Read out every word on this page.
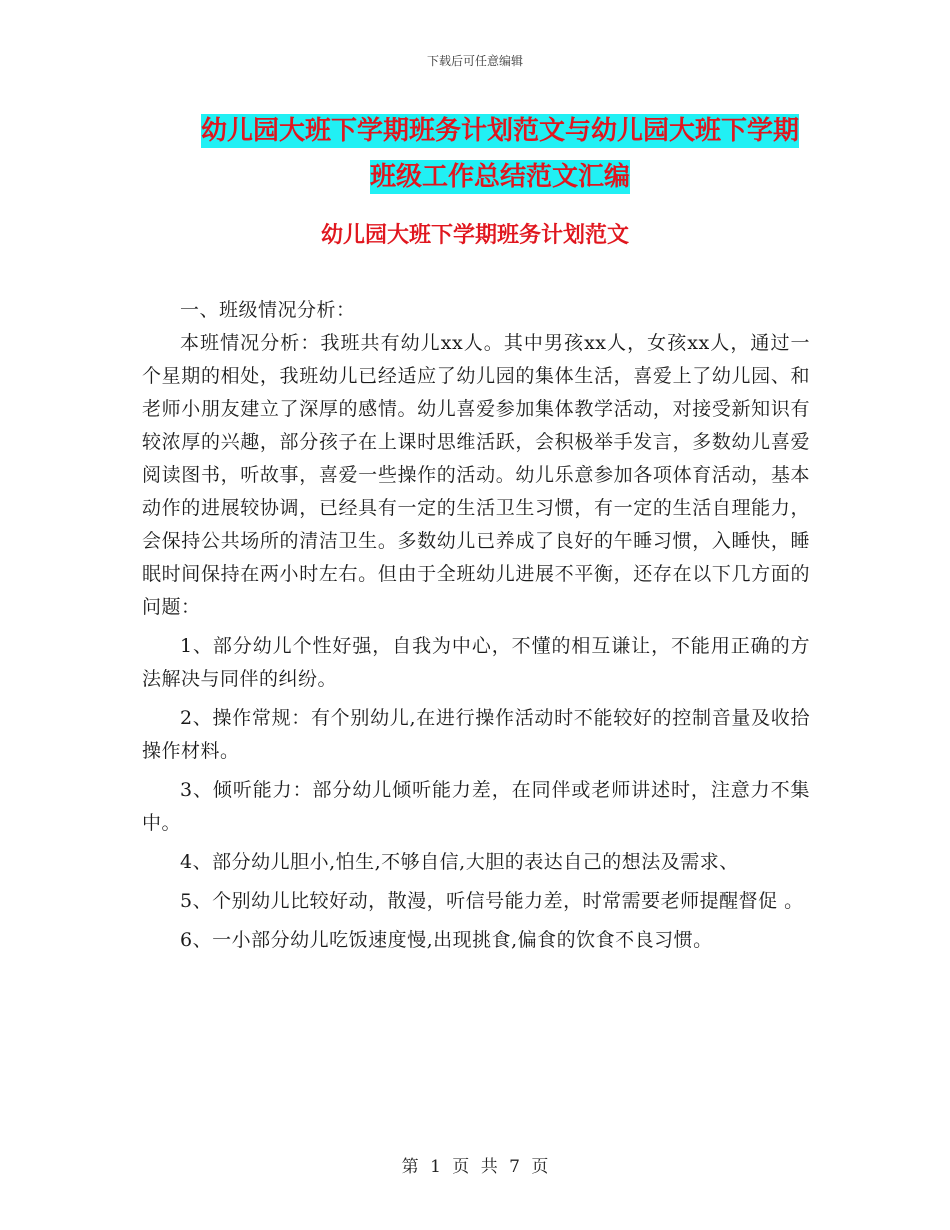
下载后可任意编辑
幼儿园大班下学期班务计划范文与幼儿园大班下学期
班级工作总结范文汇编
幼儿园大班下学期班务计划范文

一、班级情况分析：

本班情况分析：我班共有幼儿xx人。其中男孩xx人，女孩xx人，通过一个星期的相处，我班幼儿已经适应了幼儿园的集体生活，喜爱上了幼儿园、和老师小朋友建立了深厚的感情。幼儿喜爱参加集体教学活动，对接受新知识有较浓厚的兴趣，部分孩子在上课时思维活跃，会积极举手发言，多数幼儿喜爱阅读图书，听故事，喜爱一些操作的活动。幼儿乐意参加各项体育活动，基本动作的进展较协调，已经具有一定的生活卫生习惯，有一定的生活自理能力，会保持公共场所的清洁卫生。多数幼儿已养成了良好的午睡习惯，入睡快，睡眠时间保持在两小时左右。但由于全班幼儿进展不平衡，还存在以下几方面的问题：

1、部分幼儿个性好强，自我为中心，不懂的相互谦让，不能用正确的方法解决与同伴的纠纷。

2、操作常规：有个别幼儿,在进行操作活动时不能较好的控制音量及收拾操作材料。

3、倾听能力：部分幼儿倾听能力差，在同伴或老师讲述时，注意力不集中。

4、部分幼儿胆小,怕生,不够自信,大胆的表达自己的想法及需求、

5、个别幼儿比较好动，散漫，听信号能力差，时常需要老师提醒督促 。

6、一小部分幼儿吃饭速度慢,出现挑食,偏食的饮食不良习惯。

第 1 页 共 7 页
